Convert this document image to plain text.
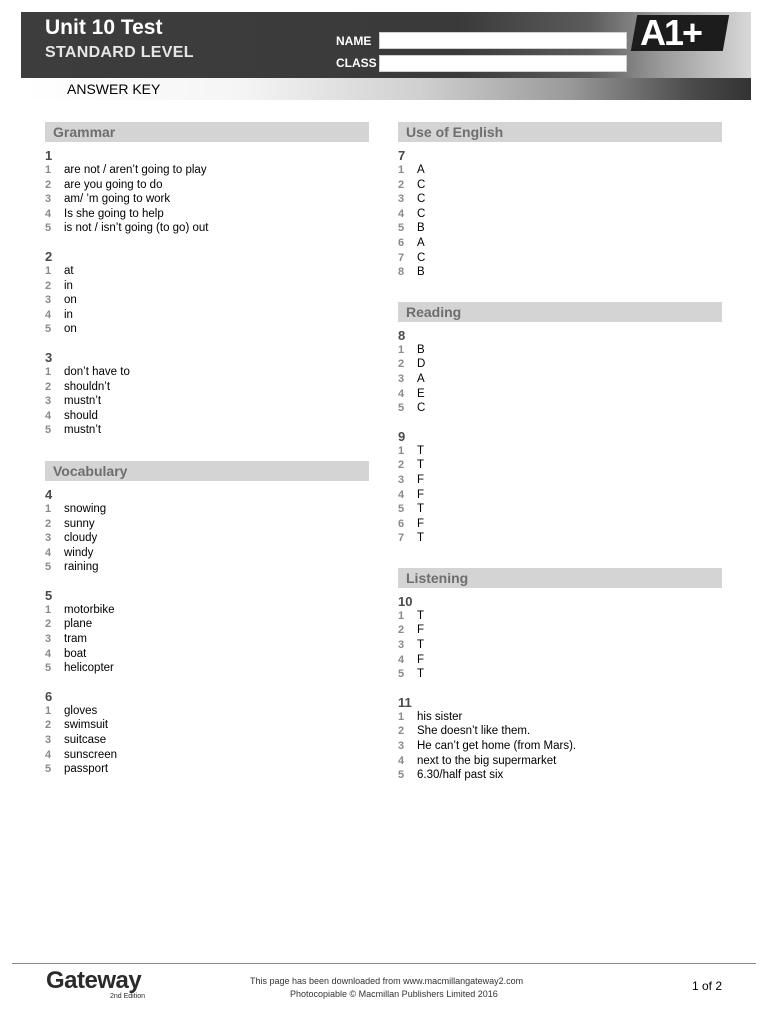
Unit 10 Test
STANDARD LEVEL
NAME
CLASS
A1+
ANSWER KEY
Grammar
1
1 are not / aren’t going to play
2 are you going to do
3 am/ ’m going to work
4 Is she going to help
5 is not / isn’t going (to go) out
2
1 at
2 in
3 on
4 in
5 on
3
1 don’t have to
2 shouldn’t
3 mustn’t
4 should
5 mustn’t
Vocabulary
4
1 snowing
2 sunny
3 cloudy
4 windy
5 raining
5
1 motorbike
2 plane
3 tram
4 boat
5 helicopter
6
1 gloves
2 swimsuit
3 suitcase
4 sunscreen
5 passport
Use of English
7
1 A
2 C
3 C
4 C
5 B
6 A
7 C
8 B
Reading
8
1 B
2 D
3 A
4 E
5 C
9
1 T
2 T
3 F
4 F
5 T
6 F
7 T
Listening
10
1 T
2 F
3 T
4 F
5 T
11
1 his sister
2 She doesn’t like them.
3 He can’t get home (from Mars).
4 next to the big supermarket
5 6.30/half past six
Gateway
2nd Edition
This page has been downloaded from www.macmillangateway2.com
Photocopiable © Macmillan Publishers Limited 2016
1 of 2
